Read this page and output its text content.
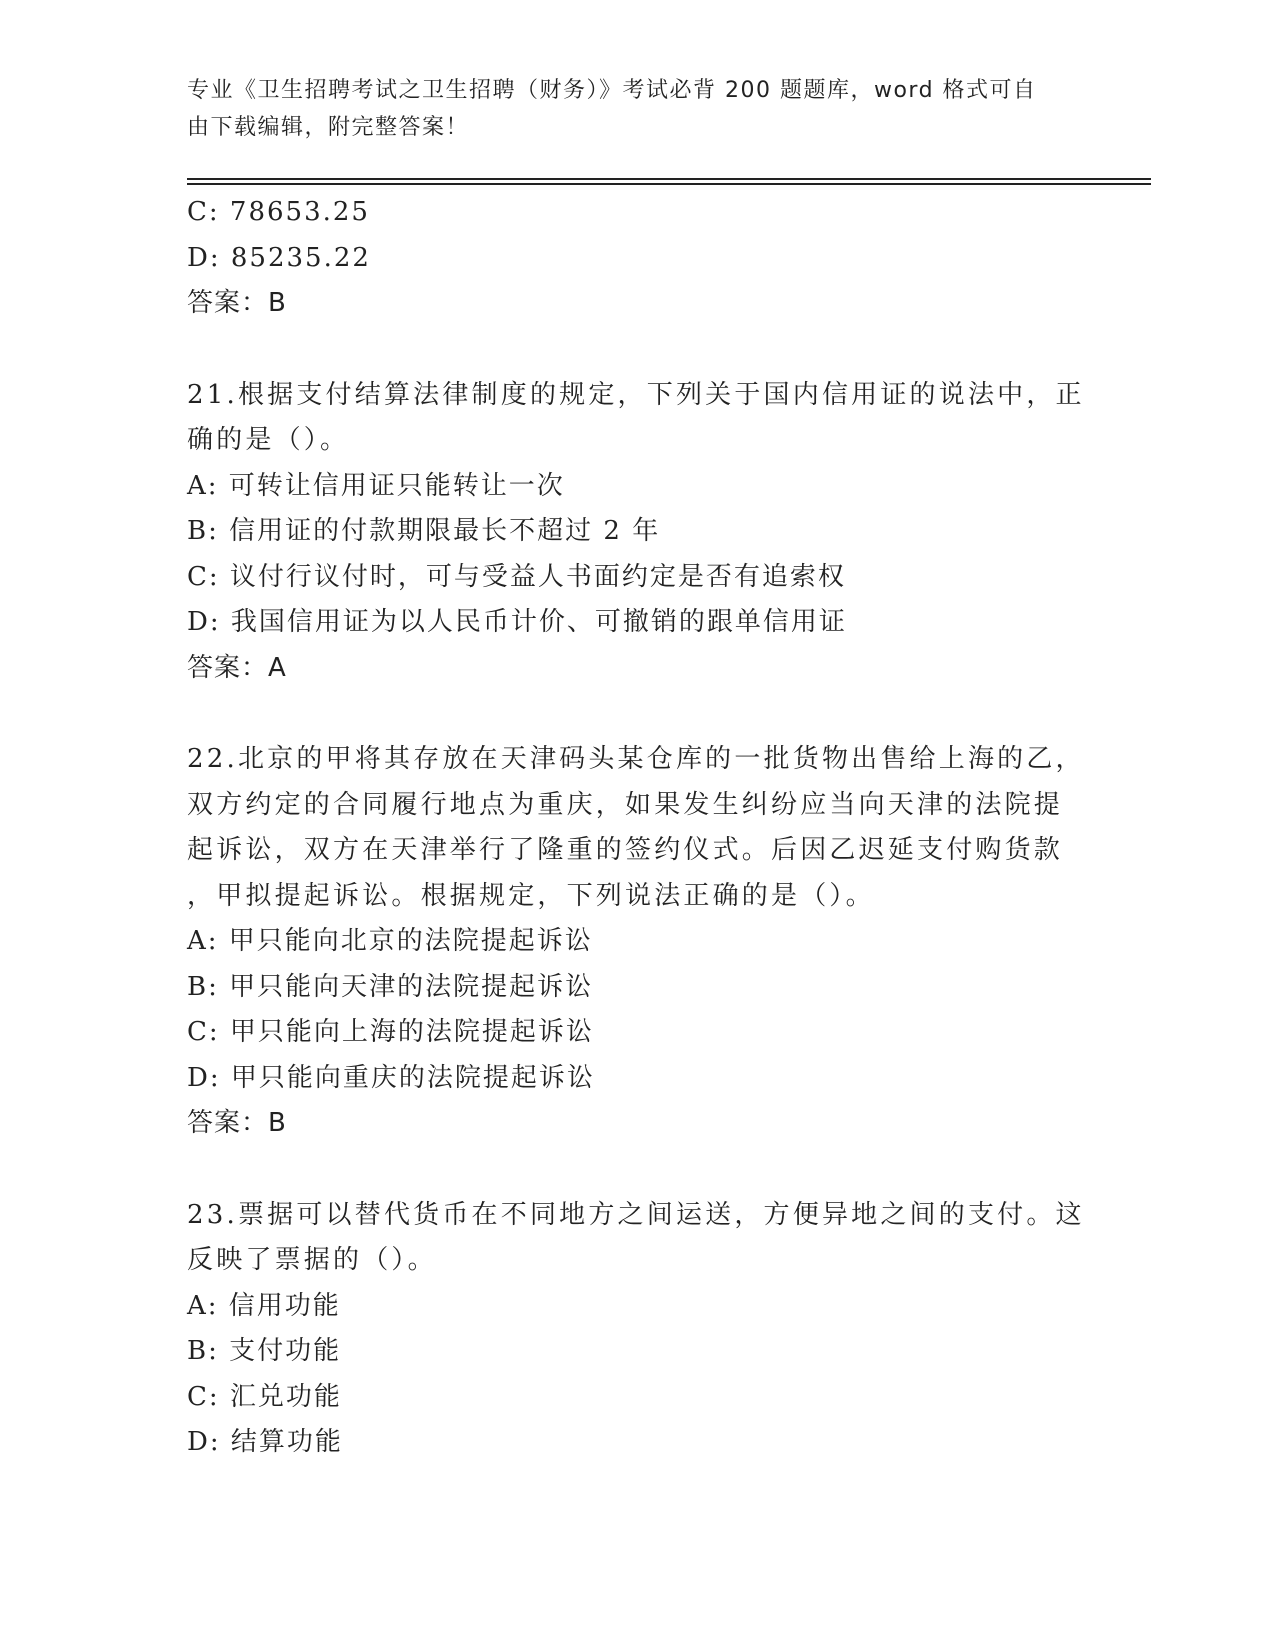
专业《卫生招聘考试之卫生招聘（财务）》考试必背 200 题题库，word 格式可自
由下载编辑，附完整答案！
C: 78653.25
D: 85235.22
答案：B
21.根据支付结算法律制度的规定，下列关于国内信用证的说法中，正
确的是（）。
A: 可转让信用证只能转让一次
B: 信用证的付款期限最长不超过 2 年
C: 议付行议付时，可与受益人书面约定是否有追索权
D: 我国信用证为以人民币计价、可撤销的跟单信用证
答案：A
22.北京的甲将其存放在天津码头某仓库的一批货物出售给上海的乙，
双方约定的合同履行地点为重庆，如果发生纠纷应当向天津的法院提
起诉讼，双方在天津举行了隆重的签约仪式。后因乙迟延支付购货款
，甲拟提起诉讼。根据规定，下列说法正确的是（）。
A: 甲只能向北京的法院提起诉讼
B: 甲只能向天津的法院提起诉讼
C: 甲只能向上海的法院提起诉讼
D: 甲只能向重庆的法院提起诉讼
答案：B
23.票据可以替代货币在不同地方之间运送，方便异地之间的支付。这
反映了票据的（）。
A: 信用功能
B: 支付功能
C: 汇兑功能
D: 结算功能
